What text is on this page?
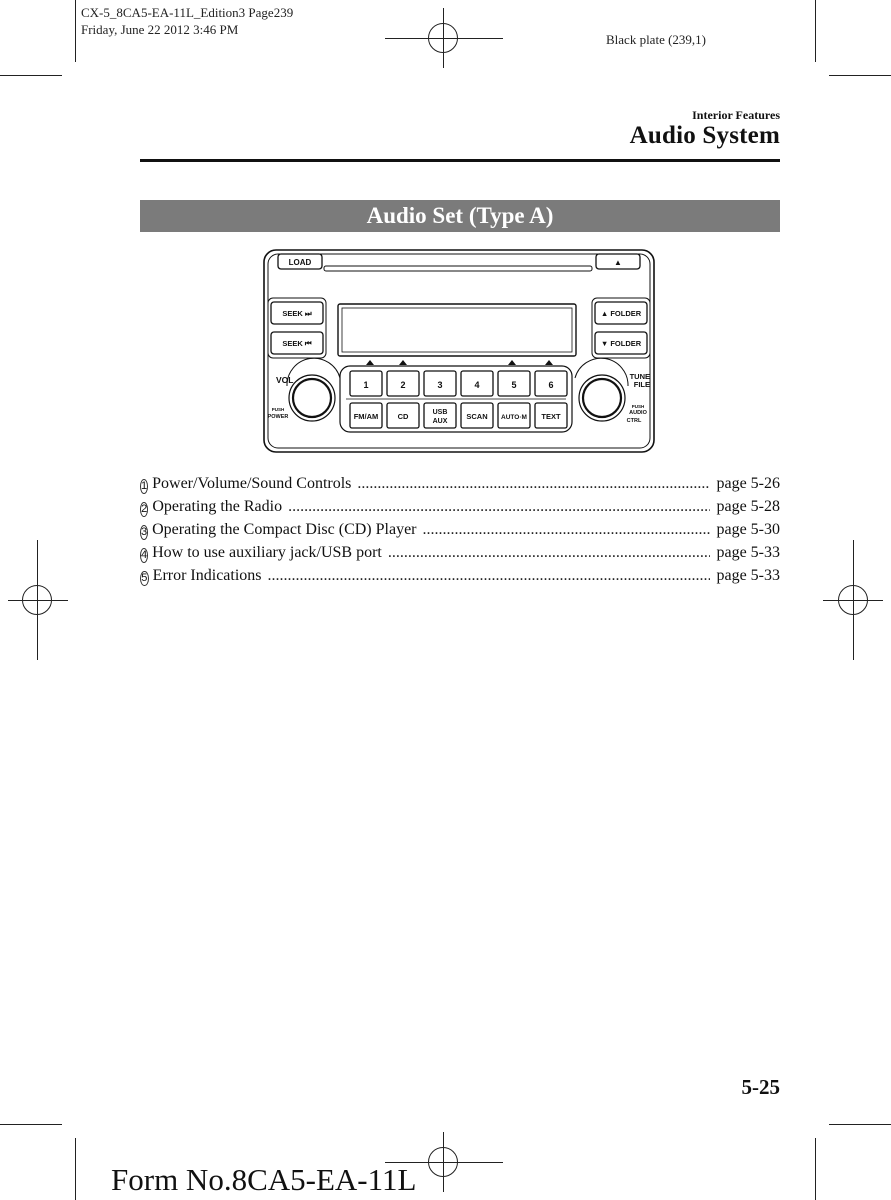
CX-5_8CA5-EA-11L_Edition3 Page239
Friday, June 22 2012 3:46 PM
Black plate (239,1)
Interior Features
Audio System
Audio Set (Type A)
LOAD	▲
SEEK ⏭
SEEK ⏮
▲ FOLDER
▼ FOLDER
1	2	3	4	5	6
FM/AM	CD	USB
AUX
SCAN AUTO·M TEXT
VOL
PUSH
POWER
TUNE
FILE
PUSH
AUDIO
CTRL
1 Power/Volume/Sound Controls .....	page 5-26
2 Operating the Radio .....	page 5-28
3 Operating the Compact Disc (CD) Player .....	page 5-30
4 How to use auxiliary jack/USB port .....	page 5-33
5 Error Indications .....	page 5-33
5-25
Form No.8CA5-EA-11L
